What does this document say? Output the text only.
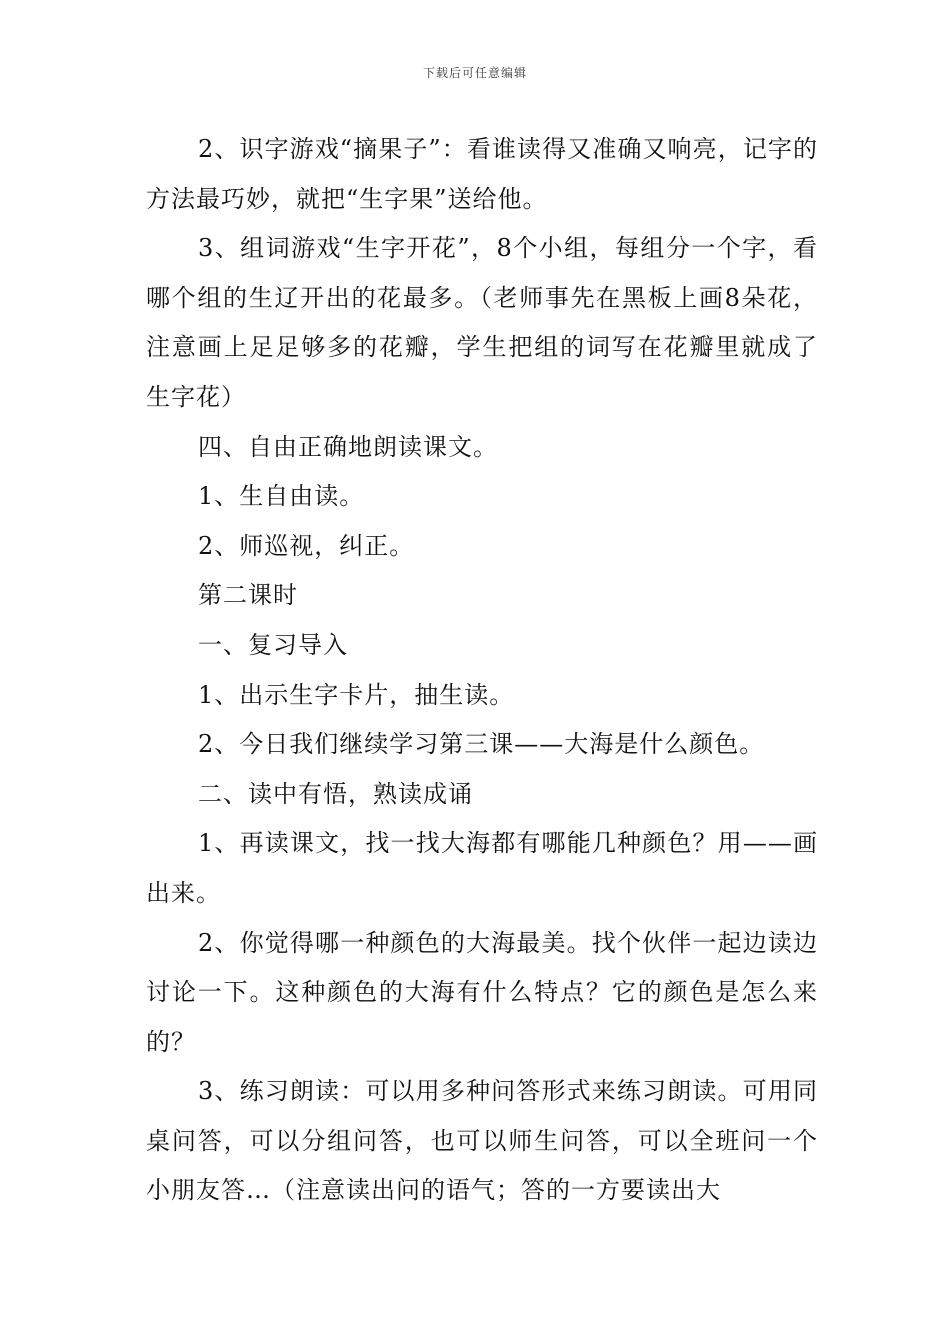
下载后可任意编辑

2、识字游戏“摘果子”：看谁读得又准确又响亮，记字的方法最巧妙，就把“生字果”送给他。

3、组词游戏“生字开花”，8个小组，每组分一个字，看哪个组的生辽开出的花最多。（老师事先在黑板上画8朵花，注意画上足足够多的花瓣，学生把组的词写在花瓣里就成了生字花）

四、自由正确地朗读课文。

1、生自由读。

2、师巡视，纠正。

第二课时

一、复习导入

1、出示生字卡片，抽生读。

2、今日我们继续学习第三课——大海是什么颜色。

二、读中有悟，熟读成诵

1、再读课文，找一找大海都有哪能几种颜色？用——画出来。

2、你觉得哪一种颜色的大海最美。找个伙伴一起边读边讨论一下。这种颜色的大海有什么特点？它的颜色是怎么来的？

3、练习朗读：可以用多种问答形式来练习朗读。可用同桌问答，可以分组问答，也可以师生问答，可以全班问一个小朋友答…（注意读出问的语气；答的一方要读出大
